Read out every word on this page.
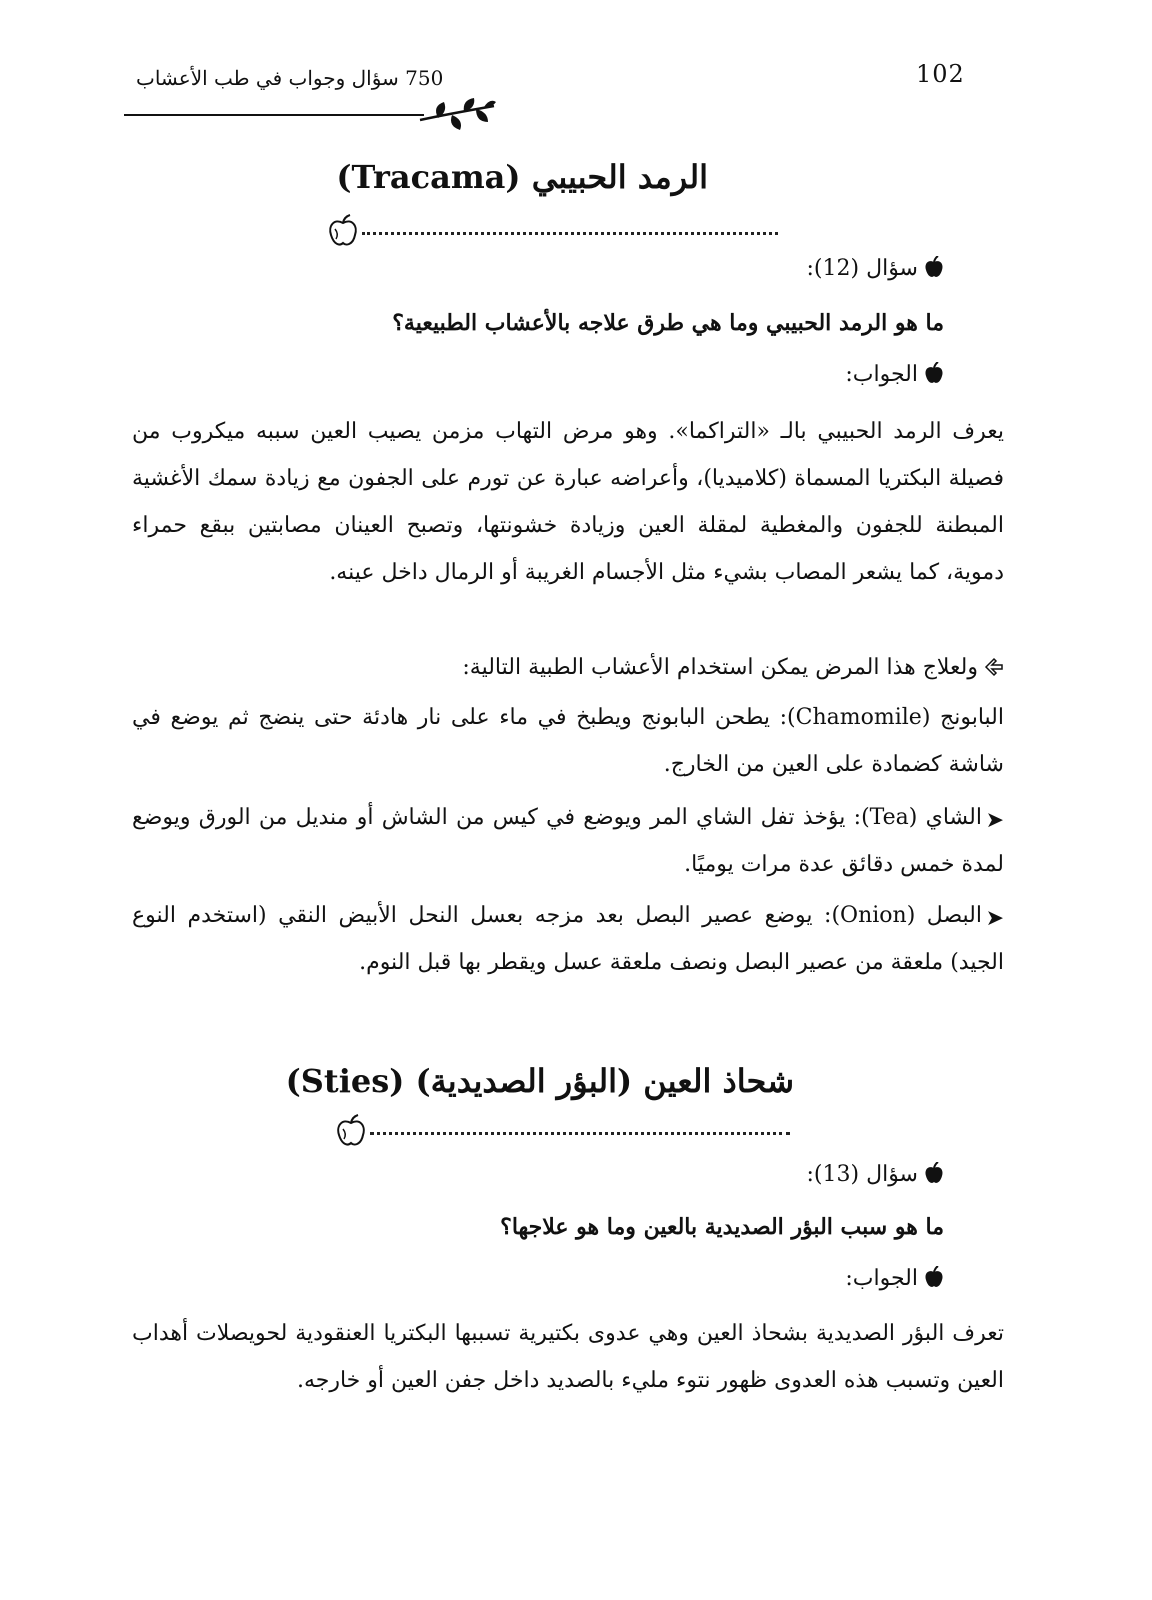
102
750 سؤال وجواب في طب الأعشاب
الرمد الحبيبي (Tracama)
سؤال (12):
ما هو الرمد الحبيبي وما هي طرق علاجه بالأعشاب الطبيعية؟
الجواب:

يعرف الرمد الحبيبي بالـ «التراكما». وهو مرض التهاب مزمن يصيب العين سببه ميكروب من فصيلة البكتريا المسماة (كلاميديا)، وأعراضه عبارة عن تورم على الجفون مع زيادة سمك الأغشية المبطنة للجفون والمغطية لمقلة العين وزيادة خشونتها، وتصبح العينان مصابتين ببقع حمراء دموية، كما يشعر المصاب بشيء مثل الأجسام الغريبة أو الرمال داخل عينه.

ولعلاج هذا المرض يمكن استخدام الأعشاب الطبية التالية:

البابونج (Chamomile): يطحن البابونج ويطبخ في ماء على نار هادئة حتى ينضج ثم يوضع في شاشة كضمادة على العين من الخارج.

➤الشاي (Tea): يؤخذ تفل الشاي المر ويوضع في كيس من الشاش أو منديل من الورق ويوضع لمدة خمس دقائق عدة مرات يوميًا.

➤البصل (Onion): يوضع عصير البصل بعد مزجه بعسل النحل الأبيض النقي (استخدم النوع الجيد) ملعقة من عصير البصل ونصف ملعقة عسل ويقطر بها قبل النوم.

شحاذ العين (البؤر الصديدية) (Sties)
سؤال (13):
ما هو سبب البؤر الصديدية بالعين وما هو علاجها؟
الجواب:

تعرف البؤر الصديدية بشحاذ العين وهي عدوى بكتيرية تسببها البكتريا العنقودية لحويصلات أهداب العين وتسبب هذه العدوى ظهور نتوء مليء بالصديد داخل جفن العين أو خارجه.
